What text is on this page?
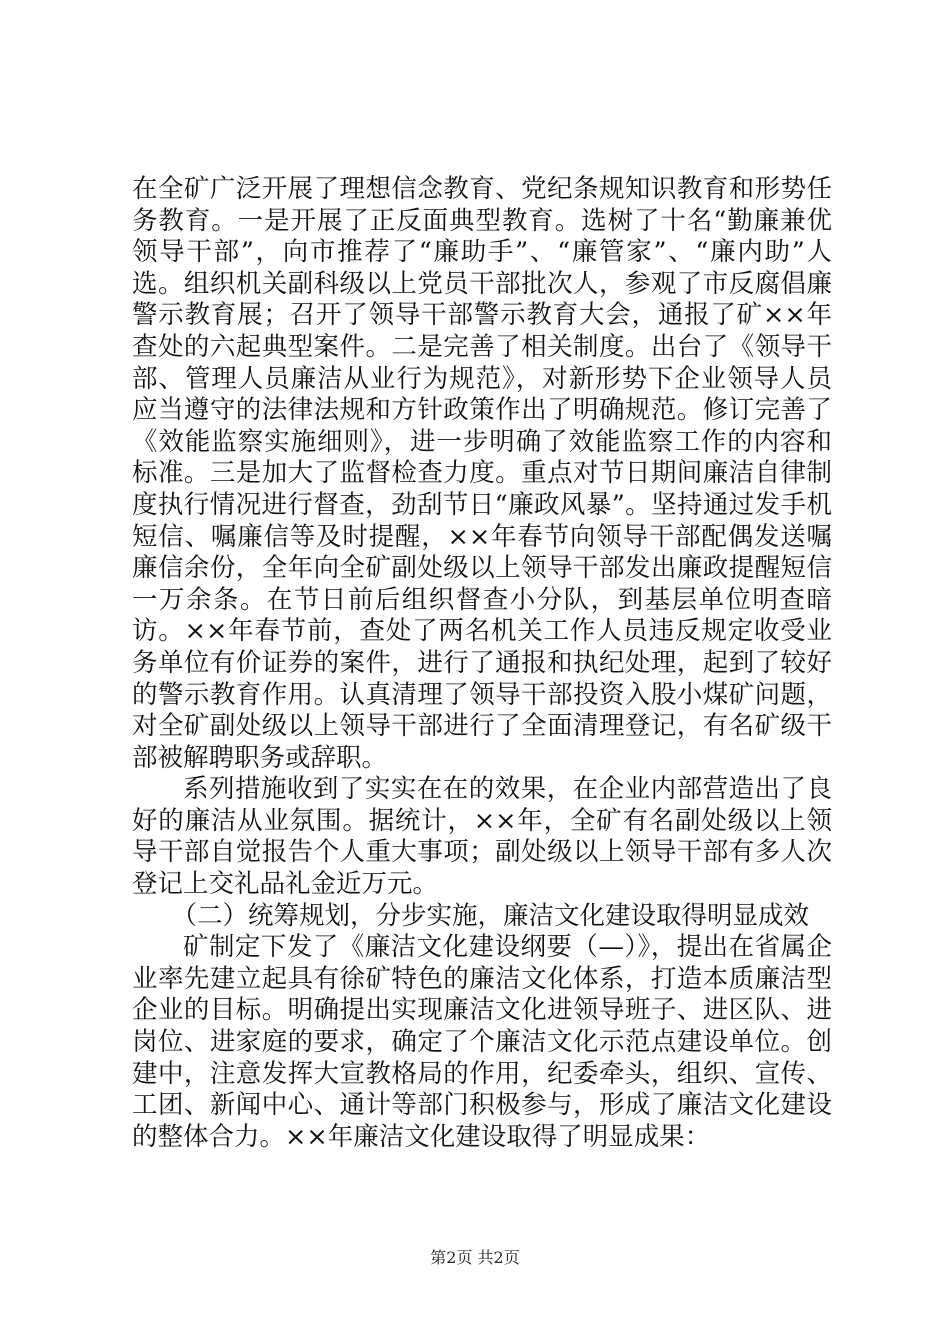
在全矿广泛开展了理想信念教育、党纪条规知识教育和形势任务教育。一是开展了正反面典型教育。选树了十名“勤廉兼优领导干部”，向市推荐了“廉助手”、“廉管家”、“廉内助”人选。组织机关副科级以上党员干部批次人，参观了市反腐倡廉警示教育展；召开了领导干部警示教育大会，通报了矿××年查处的六起典型案件。二是完善了相关制度。出台了《领导干部、管理人员廉洁从业行为规范》，对新形势下企业领导人员应当遵守的法律法规和方针政策作出了明确规范。修订完善了《效能监察实施细则》，进一步明确了效能监察工作的内容和标准。三是加大了监督检查力度。重点对节日期间廉洁自律制度执行情况进行督查，劲刮节日“廉政风暴”。坚持通过发手机短信、嘱廉信等及时提醒，××年春节向领导干部配偶发送嘱廉信余份，全年向全矿副处级以上领导干部发出廉政提醒短信一万余条。在节日前后组织督查小分队，到基层单位明查暗访。××年春节前，查处了两名机关工作人员违反规定收受业务单位有价证券的案件，进行了通报和执纪处理，起到了较好的警示教育作用。认真清理了领导干部投资入股小煤矿问题，对全矿副处级以上领导干部进行了全面清理登记，有名矿级干部被解聘职务或辞职。

系列措施收到了实实在在的效果，在企业内部营造出了良好的廉洁从业氛围。据统计，××年，全矿有名副处级以上领导干部自觉报告个人重大事项；副处级以上领导干部有多人次登记上交礼品礼金近万元。

（二）统筹规划，分步实施，廉洁文化建设取得明显成效

矿制定下发了《廉洁文化建设纲要（—）》，提出在省属企业率先建立起具有徐矿特色的廉洁文化体系，打造本质廉洁型企业的目标。明确提出实现廉洁文化进领导班子、进区队、进岗位、进家庭的要求，确定了个廉洁文化示范点建设单位。创建中，注意发挥大宣教格局的作用，纪委牵头，组织、宣传、工团、新闻中心、通计等部门积极参与，形成了廉洁文化建设的整体合力。××年廉洁文化建设取得了明显成果：

第2页 共2页
